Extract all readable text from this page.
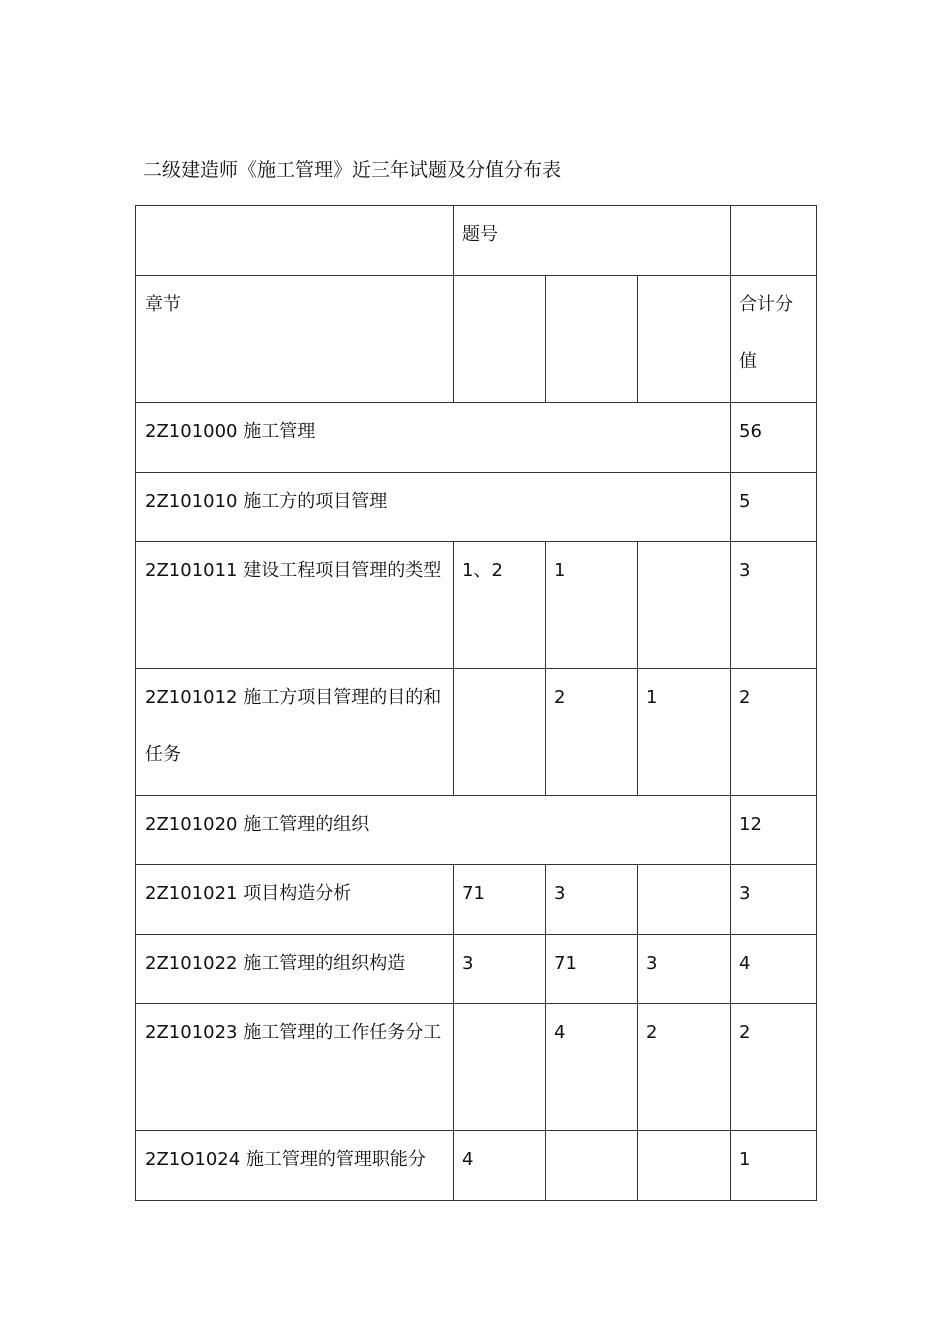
二级建造师《施工管理》近三年试题及分值分布表

	题号			

章节				合计分值

2Z101000 施工管理				56

2Z101010 施工方的项目管理				5

2Z101011 建设工程项目管理的类型	1、2	1		3

2Z101012 施工方项目管理的目的和任务		2	1	2

2Z101020 施工管理的组织				12

2Z101021 项目构造分析	71	3		3

2Z101022 施工管理的组织构造	3	71	3	4

2Z101023 施工管理的工作任务分工		4	2	2

2Z1O1024 施工管理的管理职能分	4			1
